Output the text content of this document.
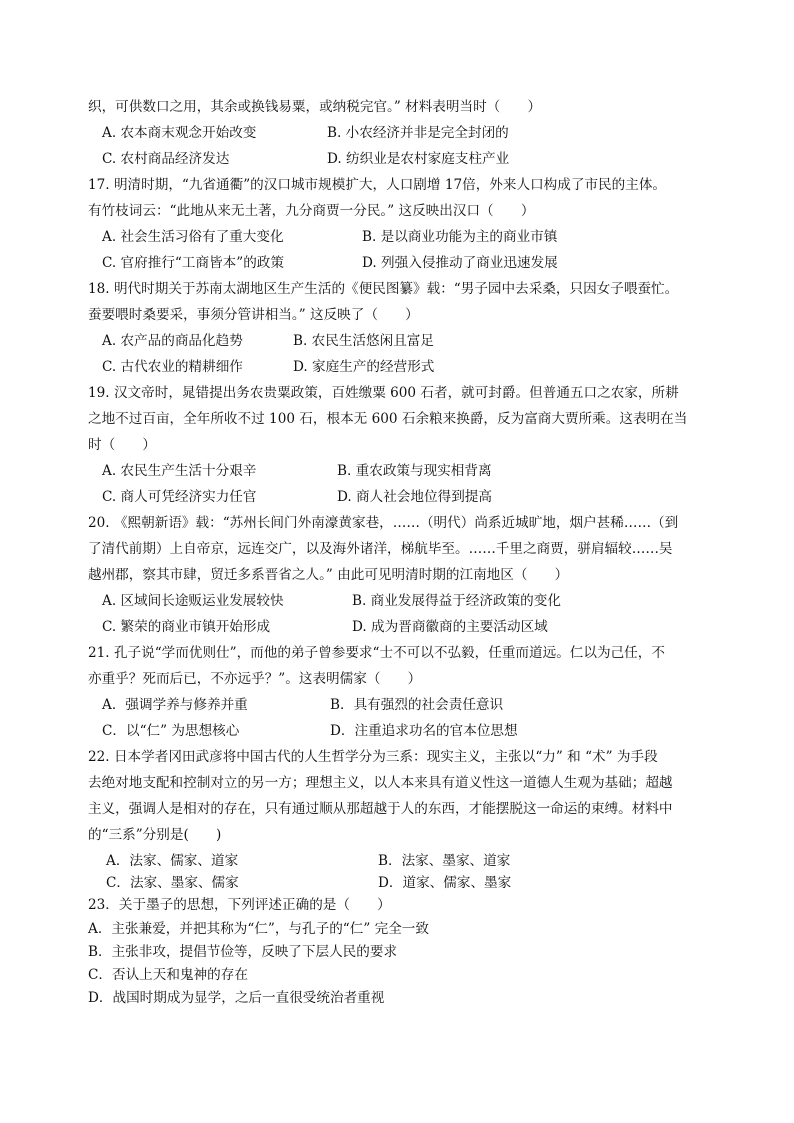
织，可供数口之用，其余或换钱易粟，或纳税完官。” 材料表明当时（　　）
A. 农本商末观念开始改变	B. 小农经济并非是完全封闭的
C. 农村商品经济发达	D. 纺织业是农村家庭支柱产业
17. 明清时期，“九省通衢”的汉口城市规模扩大，人口剧增 17倍，外来人口构成了市民的主体。
有竹枝词云：“此地从来无土著，九分商贾一分民。” 这反映出汉口（　　）
A. 社会生活习俗有了重大变化	B. 是以商业功能为主的商业市镇
C. 官府推行“工商皆本”的政策	D. 列强入侵推动了商业迅速发展
18. 明代时期关于苏南太湖地区生产生活的《便民图纂》载：“男子园中去采桑，只因女子喂蚕忙。
蚕要喂时桑要采，事须分管讲相当。” 这反映了（　　）
A. 农产品的商品化趋势	B. 农民生活悠闲且富足
C. 古代农业的精耕细作	D. 家庭生产的经营形式
19. 汉文帝时，晁错提出务农贵粟政策，百姓缴粟 600 石者，就可封爵。但普通五口之农家，所耕
之地不过百亩，全年所收不过 100 石，根本无 600 石余粮来换爵，反为富商大贾所乘。这表明在当
时（　　）
A. 农民生产生活十分艰辛	B. 重农政策与现实相背离
C. 商人可凭经济实力任官	D. 商人社会地位得到提高
20. 《熙朝新语》载：“苏州长间门外南濠黄家巷，……（明代）尚系近城旷地，烟户甚稀……（到
了清代前期）上自帝京，远连交广，以及海外诸洋，梯航毕至。……千里之商贾，骈肩辐较……吴
越州郡，察其市肆，贸迁多系晋省之人。” 由此可见明清时期的江南地区（　　）
A. 区域间长途贩运业发展较快	B. 商业发展得益于经济政策的变化
C. 繁荣的商业市镇开始形成	D. 成为晋商徽商的主要活动区域
21. 孔子说“学而优则仕”，而他的弟子曾参要求“士不可以不弘毅，任重而道远。仁以为己任，不
亦重乎？死而后已，不亦远乎？”。这表明儒家（　　）
A．强调学养与修养并重	B．具有强烈的社会责任意识
C．以“仁” 为思想核心	D．注重追求功名的官本位思想
22. 日本学者冈田武彦将中国古代的人生哲学分为三系：现实主义，主张以“力” 和 “术” 为手段
去绝对地支配和控制对立的另一方；理想主义，以人本来具有道义性这一道德人生观为基础；超越
主义，强调人是相对的存在，只有通过顺从那超越于人的东西，才能摆脱这一命运的束缚。材料中
的“三系”分别是(　　)
A．法家、儒家、道家	B．法家、墨家、道家
C．法家、墨家、儒家	D．道家、儒家、墨家
23．关于墨子的思想，下列评述正确的是（　　）
A．主张兼爱，并把其称为“仁”，与孔子的“仁” 完全一致
B．主张非攻，提倡节俭等，反映了下层人民的要求
C．否认上天和鬼神的存在
D．战国时期成为显学，之后一直很受统治者重视
